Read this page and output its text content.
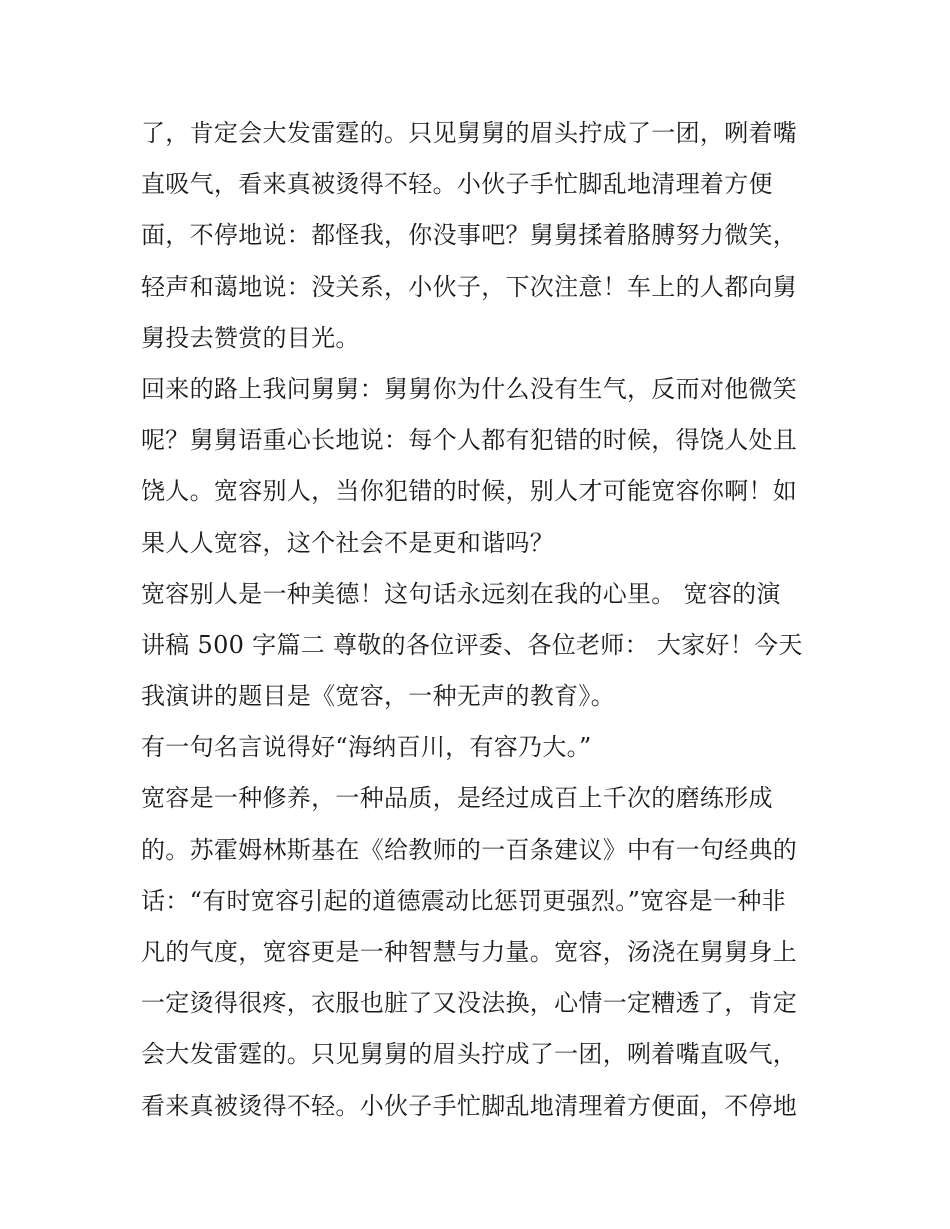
了，肯定会大发雷霆的。只见舅舅的眉头拧成了一团，咧着嘴
直吸气，看来真被烫得不轻。小伙子手忙脚乱地清理着方便
面，不停地说：都怪我，你没事吧？舅舅揉着胳膊努力微笑，
轻声和蔼地说：没关系，小伙子，下次注意！车上的人都向舅
舅投去赞赏的目光。
回来的路上我问舅舅：舅舅你为什么没有生气，反而对他微笑
呢？舅舅语重心长地说：每个人都有犯错的时候，得饶人处且
饶人。宽容别人，当你犯错的时候，别人才可能宽容你啊！如
果人人宽容，这个社会不是更和谐吗？
宽容别人是一种美德！这句话永远刻在我的心里。 宽容的演
讲稿 500 字篇二 尊敬的各位评委、各位老师： 大家好！今天
我演讲的题目是《宽容，一种无声的教育》。
有一句名言说得好“海纳百川，有容乃大。”
宽容是一种修养，一种品质，是经过成百上千次的磨练形成
的。苏霍姆林斯基在《给教师的一百条建议》中有一句经典的
话：“有时宽容引起的道德震动比惩罚更强烈。”宽容是一种非
凡的气度，宽容更是一种智慧与力量。宽容，汤浇在舅舅身上
一定烫得很疼，衣服也脏了又没法换，心情一定糟透了，肯定
会大发雷霆的。只见舅舅的眉头拧成了一团，咧着嘴直吸气，
看来真被烫得不轻。小伙子手忙脚乱地清理着方便面，不停地
